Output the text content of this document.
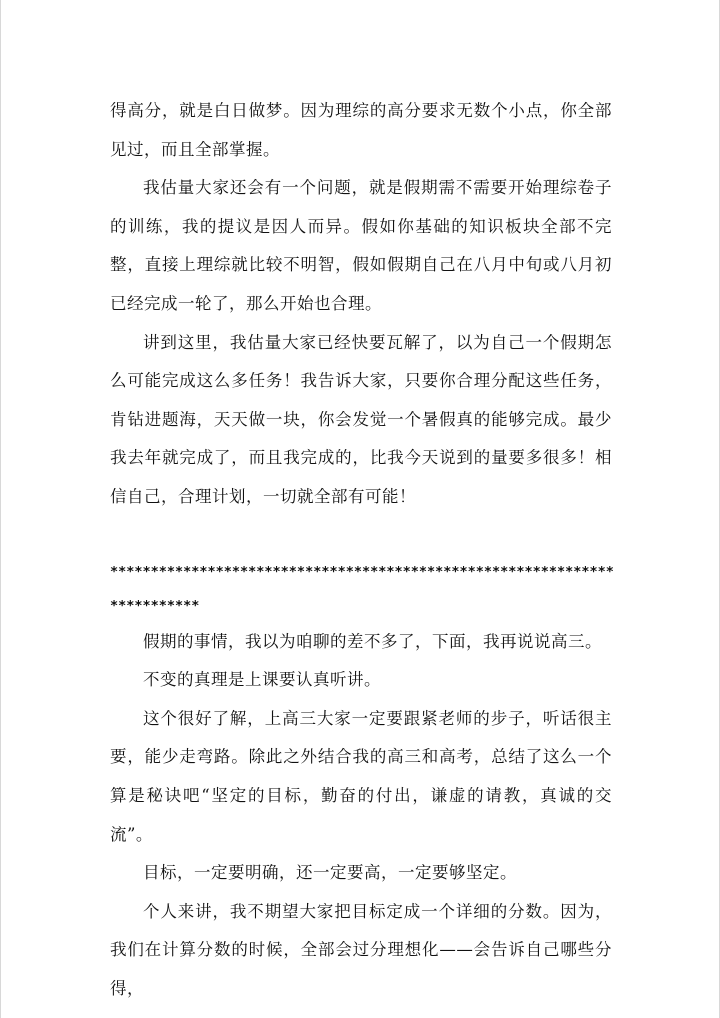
得高分，就是白日做梦。因为理综的高分要求无数个小点，你全部见过，而且全部掌握。

我估量大家还会有一个问题，就是假期需不需要开始理综卷子的训练，我的提议是因人而异。假如你基础的知识板块全部不完整，直接上理综就比较不明智，假如假期自己在八月中旬或八月初已经完成一轮了，那么开始也合理。

讲到这里，我估量大家已经快要瓦解了，以为自己一个假期怎么可能完成这么多任务！我告诉大家，只要你合理分配这些任务，肯钻进题海，天天做一块，你会发觉一个暑假真的能够完成。最少我去年就完成了，而且我完成的，比我今天说到的量要多很多！相信自己，合理计划，一切就全部有可能！

*************************************************************************

假期的事情，我以为咱聊的差不多了，下面，我再说说高三。

不变的真理是上课要认真听讲。

这个很好了解，上高三大家一定要跟紧老师的步子，听话很主要，能少走弯路。除此之外结合我的高三和高考，总结了这么一个算是秘诀吧“坚定的目标，勤奋的付出，谦虚的请教，真诚的交流”。

目标，一定要明确，还一定要高，一定要够坚定。

个人来讲，我不期望大家把目标定成一个详细的分数。因为，我们在计算分数的时候，全部会过分理想化——会告诉自己哪些分得，
